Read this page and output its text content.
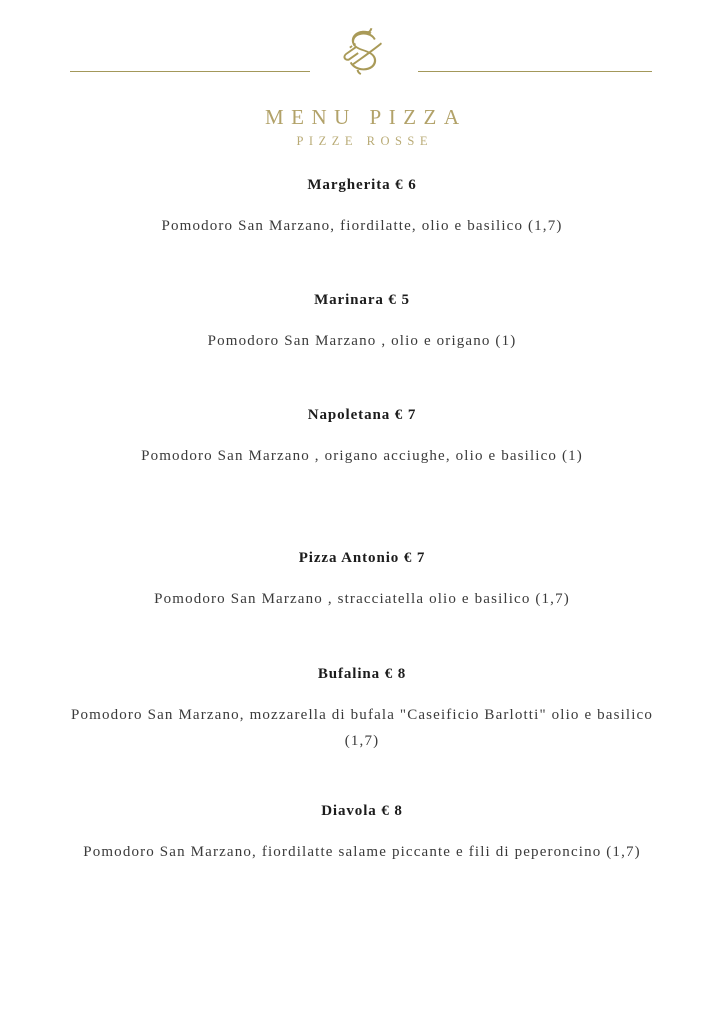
MENU PIZZA
PIZZE ROSSE
Margherita € 6
Pomodoro San Marzano, fiordilatte, olio e basilico (1,7)
Marinara € 5
Pomodoro San Marzano , olio e origano (1)
Napoletana € 7
Pomodoro San Marzano , origano acciughe, olio e basilico (1)
Pizza Antonio € 7
Pomodoro San Marzano , stracciatella olio e basilico (1,7)
Bufalina € 8
Pomodoro San Marzano, mozzarella di bufala "Caseificio Barlotti" olio e basilico (1,7)
Diavola € 8
Pomodoro San Marzano, fiordilatte salame piccante e fili di peperoncino (1,7)
